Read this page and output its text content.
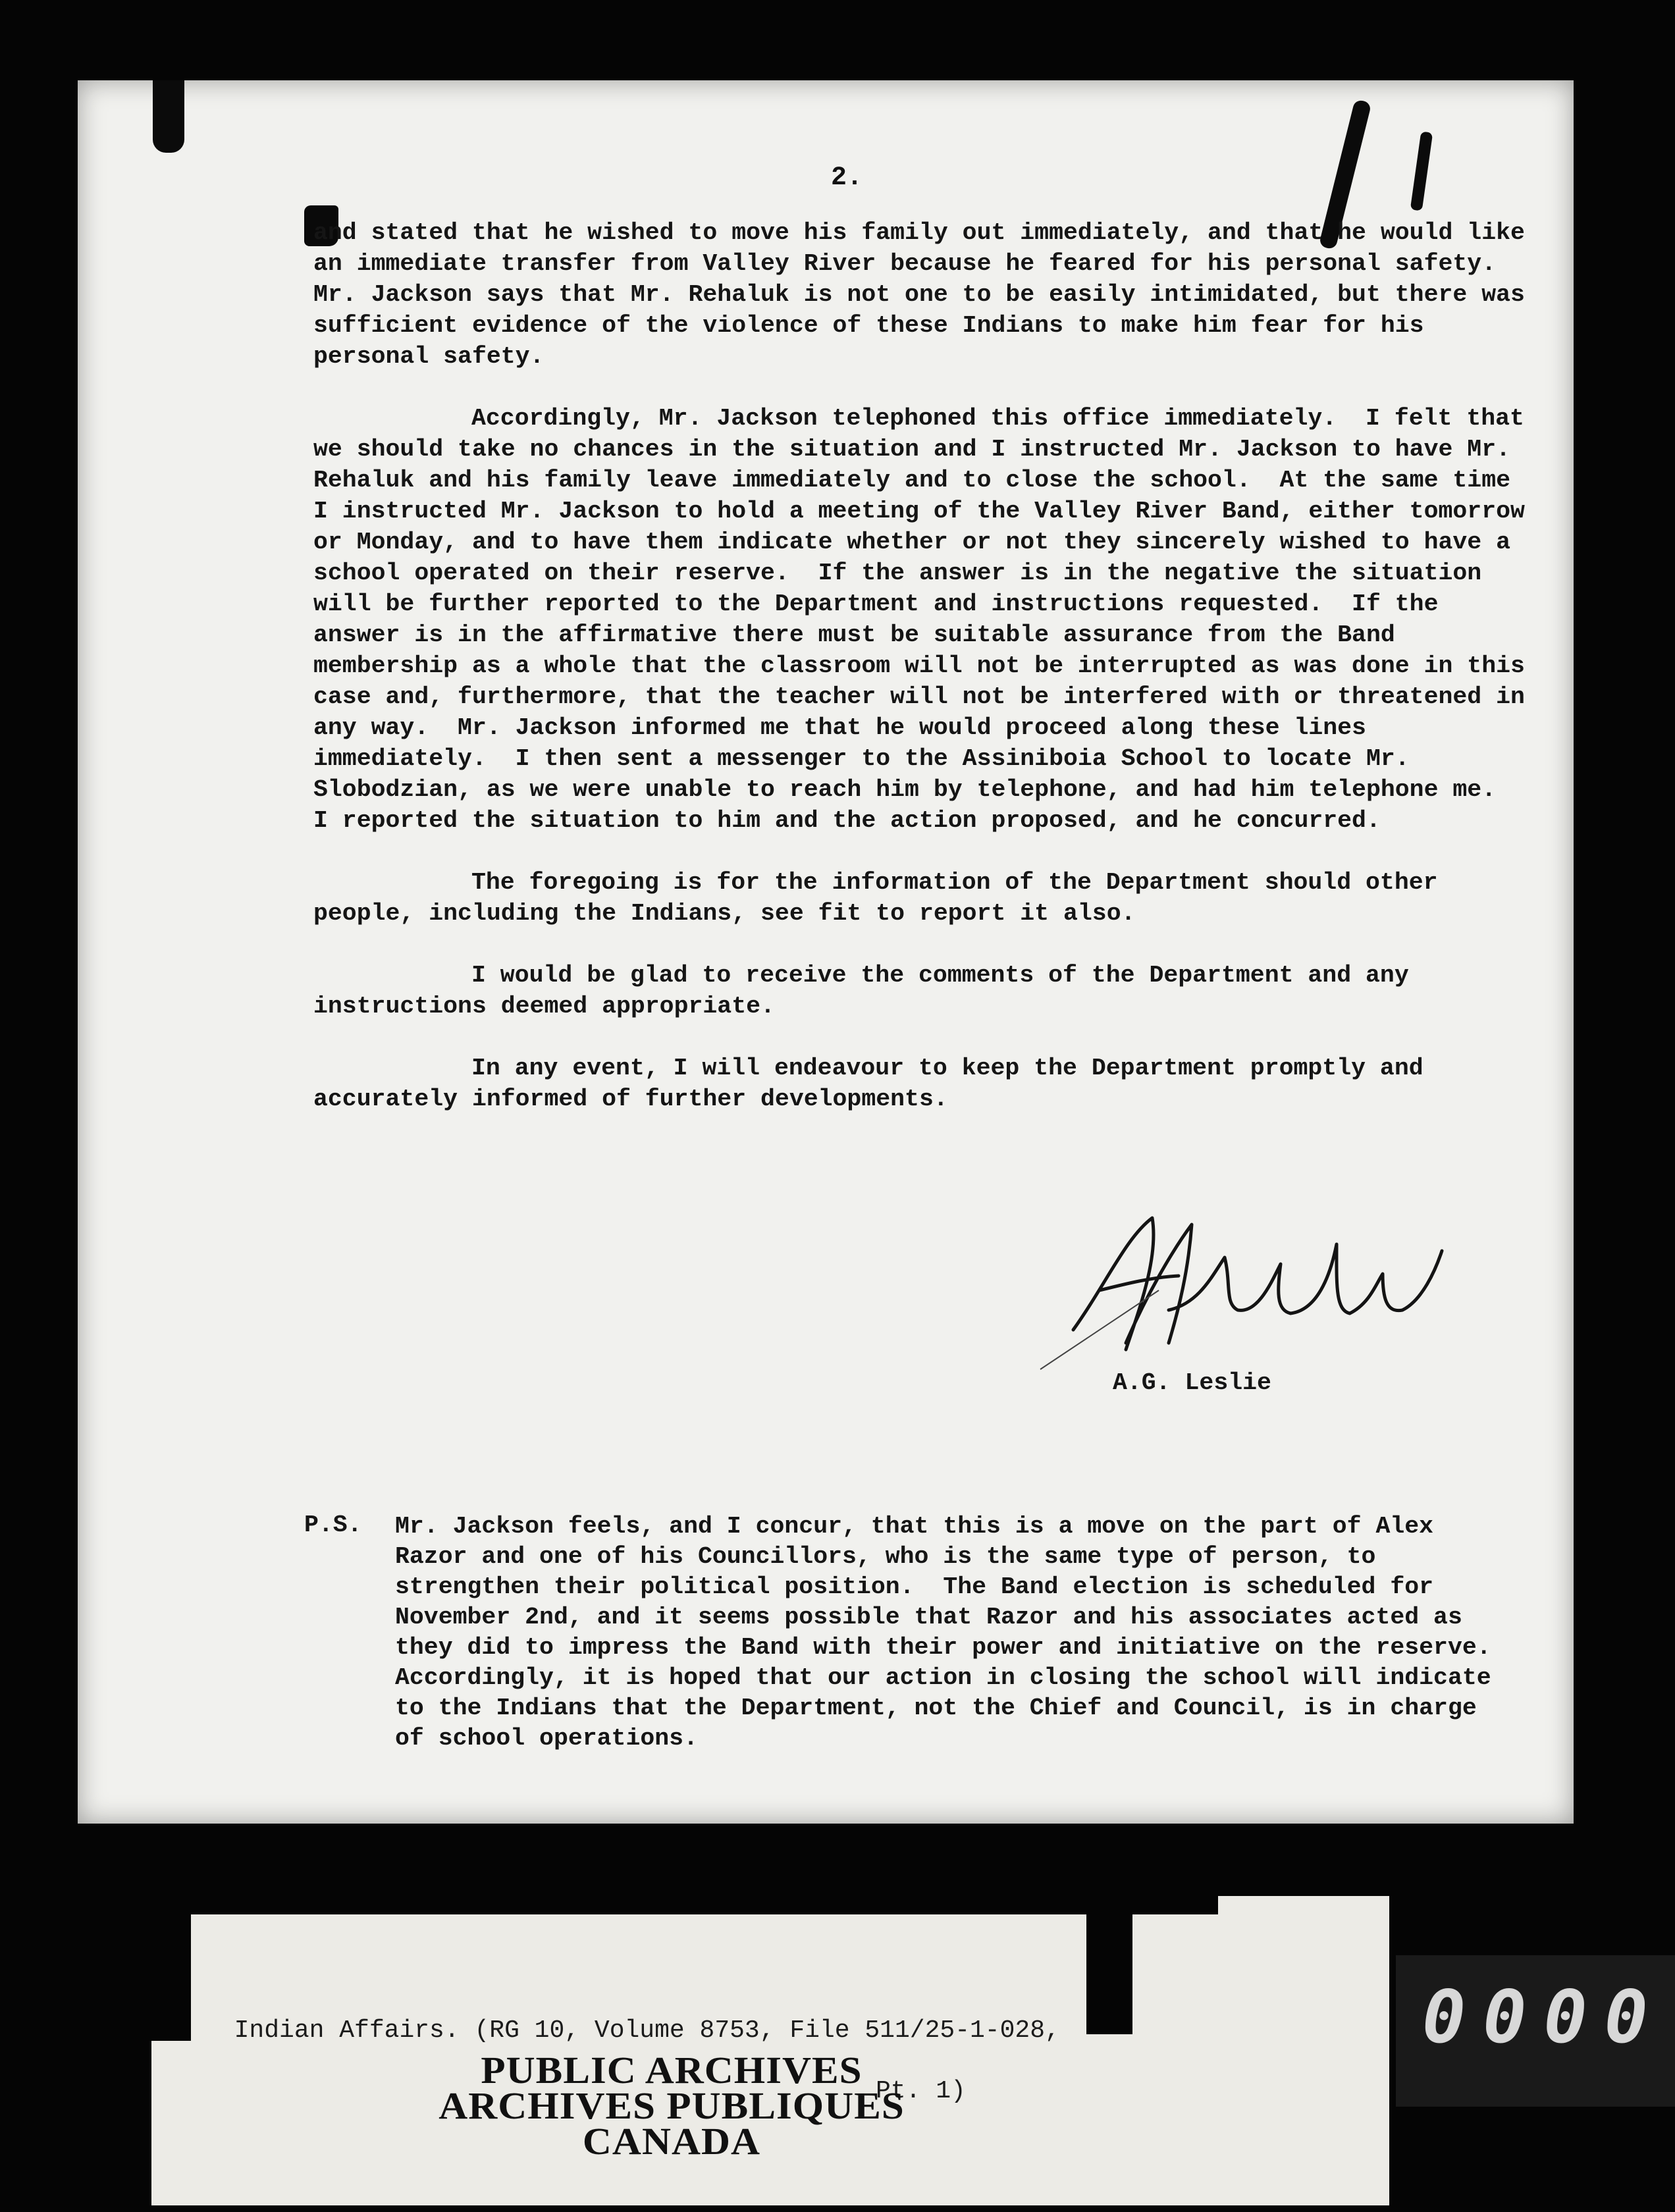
2.

and stated that he wished to move his family out immediately, and that he would like an immediate transfer from Valley River because he feared for his personal safety.  Mr. Jackson says that Mr. Rehaluk is not one to be easily intimidated, but there was sufficient evidence of the violence of these Indians to make him fear for his personal safety.

Accordingly, Mr. Jackson telephoned this office immediately.  I felt that we should take no chances in the situation and I instructed Mr. Jackson to have Mr. Rehaluk and his family leave immediately and to close the school.  At the same time I instructed Mr. Jackson to hold a meeting of the Valley River Band, either tomorrow or Monday, and to have them indicate whether or not they sincerely wished to have a school operated on their reserve.  If the answer is in the negative the situation will be further reported to the Department and instructions requested.  If the answer is in the affirmative there must be suitable assurance from the Band membership as a whole that the classroom will not be interrupted as was done in this case and, furthermore, that the teacher will not be interfered with or threatened in any way.  Mr. Jackson informed me that he would proceed along these lines immediately.  I then sent a messenger to the Assiniboia School to locate Mr. Slobodzian, as we were unable to reach him by telephone, and had him telephone me.  I reported the situation to him and the action proposed, and he concurred.

The foregoing is for the information of the Department should other people, including the Indians, see fit to report it also.

I would be glad to receive the comments of the Department and any instructions deemed appropriate.

In any event, I will endeavour to keep the Department promptly and accurately informed of further developments.

A.G. Leslie
P.S. Mr. Jackson feels, and I concur, that this is a move on the part of Alex Razor and one of his Councillors, who is the same type of person, to strengthen their political position.  The Band election is scheduled for November 2nd, and it seems possible that Razor and his associates acted as they did to impress the Band with their power and initiative on the reserve.  Accordingly, it is hoped that our action in closing the school will indicate to the Indians that the Department, not the Chief and Council, is in charge of school operations.

Indian Affairs. (RG 10, Volume 8753, File 511/25-1-028,

Pt. 1)

PUBLIC ARCHIVES
ARCHIVES PUBLIQUES
CANADA
0000
